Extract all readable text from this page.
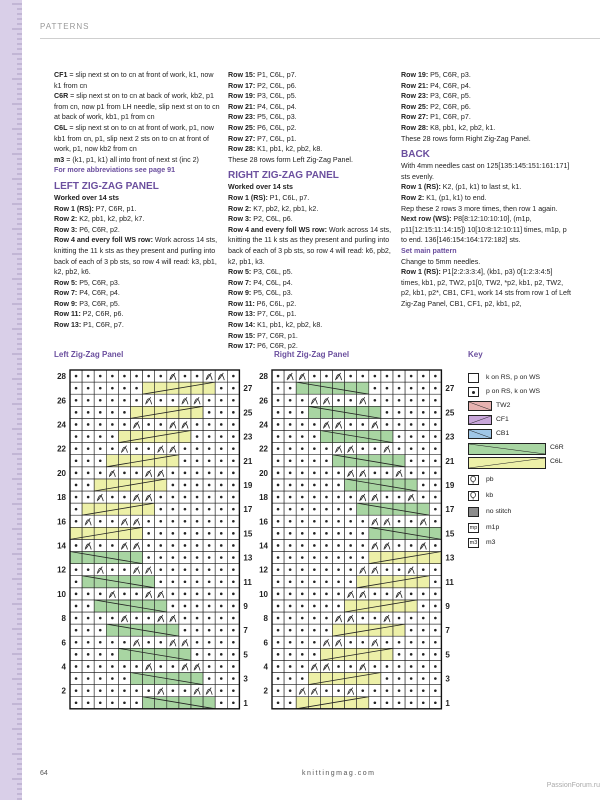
PATTERNS

CF1 = slip next st on to cn at front of work, k1, now k1 from cn

C6R = slip next st on to cn at back of work, kb2, p1 from cn, now p1 from LH needle, slip next st on to cn at back of work, kb1, p1 from cn

C6L = slip next st on to cn at front of work, p1, now kb1 from cn, p1, slip next 2 sts on to cn at front of work, p1, now kb2 from cn

m3 = (k1, p1, k1) all into front of next st (inc 2)

For more abbreviations see page 91

LEFT ZIG-ZAG PANEL

Worked over 14 sts

Row 1 (RS): P7, C6R, p1.

Row 2: K2, pb1, k2, pb2, k7.

Row 3: P6, C6R, p2.

Row 4 and every foll WS row: Work across 14 sts, knitting the 11 k sts as they present and purling into back of each of 3 pb sts, so row 4 will read: k3, pb1, k2, pb2, k6.

Row 5: P5, C6R, p3.

Row 7: P4, C6R, p4.

Row 9: P3, C6R, p5.

Row 11: P2, C6R, p6.

Row 13: P1, C6R, p7.

Row 15: P1, C6L, p7.

Row 17: P2, C6L, p6.

Row 19: P3, C6L, p5.

Row 21: P4, C6L, p4.

Row 23: P5, C6L, p3.

Row 25: P6, C6L, p2.

Row 27: P7, C6L, p1.

Row 28: K1, pb1, k2, pb2, k8.

These 28 rows form Left Zig-Zag Panel.

RIGHT ZIG-ZAG PANEL

Worked over 14 sts

Row 1 (RS): P1, C6L, p7.

Row 2: K7, pb2, k2, pb1, k2.

Row 3: P2, C6L, p6.

Row 4 and every foll WS row: Work across 14 sts, knitting the 11 k sts as they present and purling into back of each of 3 pb sts, so row 4 will read: k6, pb2, k2, pb1, k3.

Row 5: P3, C6L, p5.

Row 7: P4, C6L, p4.

Row 9: P5, C6L, p3.

Row 11: P6, C6L, p2.

Row 13: P7, C6L, p1.

Row 14: K1, pb1, k2, pb2, k8.

Row 15: P7, C6R, p1.

Row 17: P6, C6R, p2.

Row 19: P5, C6R, p3.

Row 21: P4, C6R, p4.

Row 23: P3, C6R, p5.

Row 25: P2, C6R, p6.

Row 27: P1, C6R, p7.

Row 28: K8, pb1, k2, pb2, k1.

These 28 rows form Right Zig-Zag Panel.

BACK

With 4mm needles cast on 125[135:145:151:161:171] sts evenly.

Row 1 (RS): K2, (p1, k1) to last st, k1.

Row 2: K1, (p1, k1) to end.

Rep these 2 rows 3 more times, then row 1 again.

Next row (WS): P8[8:12:10:10:10], (m1p, p11[12:15:11:14:15]) 10[10:8:12:10:11] times, m1p, p to end. 136[146:154:164:172:182] sts.

Set main pattern

Change to 5mm needles.

Row 1 (RS): P1[2:2:3:3:4], (kb1, p3) 0[1:2:3:4:5] times, kb1, p2, TW2, p1[0, TW2, *p2, kb1, p2, TW2, p2, kb1, p2*, CB1, CF1, work 14 sts from row 1 of Left Zig-Zag Panel, CB1, CF1, p2, kb1, p2,

Left Zig-Zag Panel
28
27
26
25
24
23
22
21
20
19
18
17
16
15
14
13
12
11
10
9
8
7
6
5
4
3
2
1
Right Zig-Zag Panel
28
27
26
25
24
23
22
21
20
19
18
17
16
15
14
13
12
11
10
9
8
7
6
5
4
3
2
1
Key
k on RS, p on WS
p on RS, k on WS
TW2
CF1
CB1
C6R
C6L
Ϙ pb
Ϙ kb
no stitch
mp m1p
m3 m3
64	knittingmag.com
PassionForum.ru
